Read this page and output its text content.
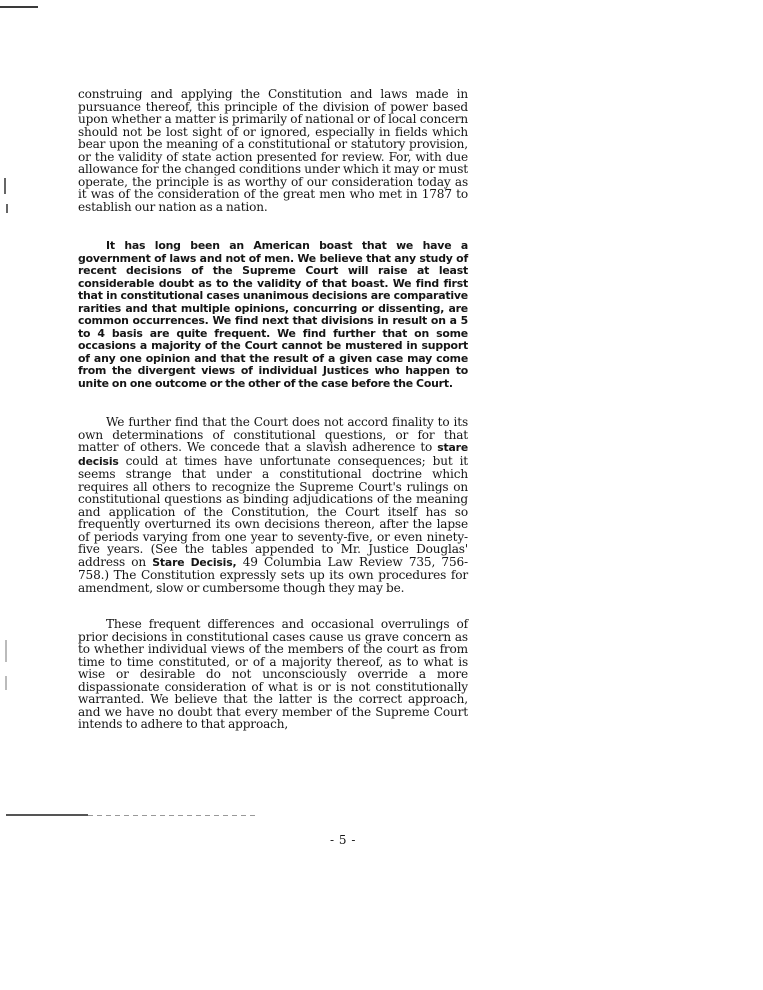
construing and applying the Constitution and laws made in pursuance thereof, this principle of the division of power based upon whether a matter is primarily of national or of local concern should not be lost sight of or ignored, especially in fields which bear upon the meaning of a constitutional or statutory provision, or the validity of state action presented for review. For, with due allowance for the changed conditions under which it may or must operate, the principle is as worthy of our consideration today as it was of the consideration of the great men who met in 1787 to establish our nation as a nation.

It has long been an American boast that we have a government of laws and not of men. We believe that any study of recent decisions of the Supreme Court will raise at least considerable doubt as to the validity of that boast. We find first that in constitutional cases unanimous decisions are comparative rarities and that multiple opinions, concurring or dissenting, are common occurrences. We find next that divisions in result on a 5 to 4 basis are quite frequent. We find further that on some occasions a majority of the Court cannot be mustered in support of any one opinion and that the result of a given case may come from the divergent views of individual Justices who happen to unite on one outcome or the other of the case before the Court.

We further find that the Court does not accord finality to its own determinations of constitutional questions, or for that matter of others. We concede that a slavish adherence to stare decisis could at times have unfortunate consequences; but it seems strange that under a constitutional doctrine which requires all others to recognize the Supreme Court's rulings on constitutional questions as binding adjudications of the meaning and application of the Constitution, the Court itself has so frequently overturned its own decisions thereon, after the lapse of periods varying from one year to seventy-five, or even ninety-five years. (See the tables appended to Mr. Justice Douglas' address on Stare Decisis, 49 Columbia Law Review 735, 756-758.) The Constitution expressly sets up its own procedures for amendment, slow or cumbersome though they may be.

These frequent differences and occasional overrulings of prior decisions in constitutional cases cause us grave concern as to whether individual views of the members of the court as from time to time constituted, or of a majority thereof, as to what is wise or desirable do not unconsciously override a more dispassionate consideration of what is or is not constitutionally warranted. We believe that the latter is the correct approach, and we have no doubt that every member of the Supreme Court intends to adhere to that approach,

- 5 -
